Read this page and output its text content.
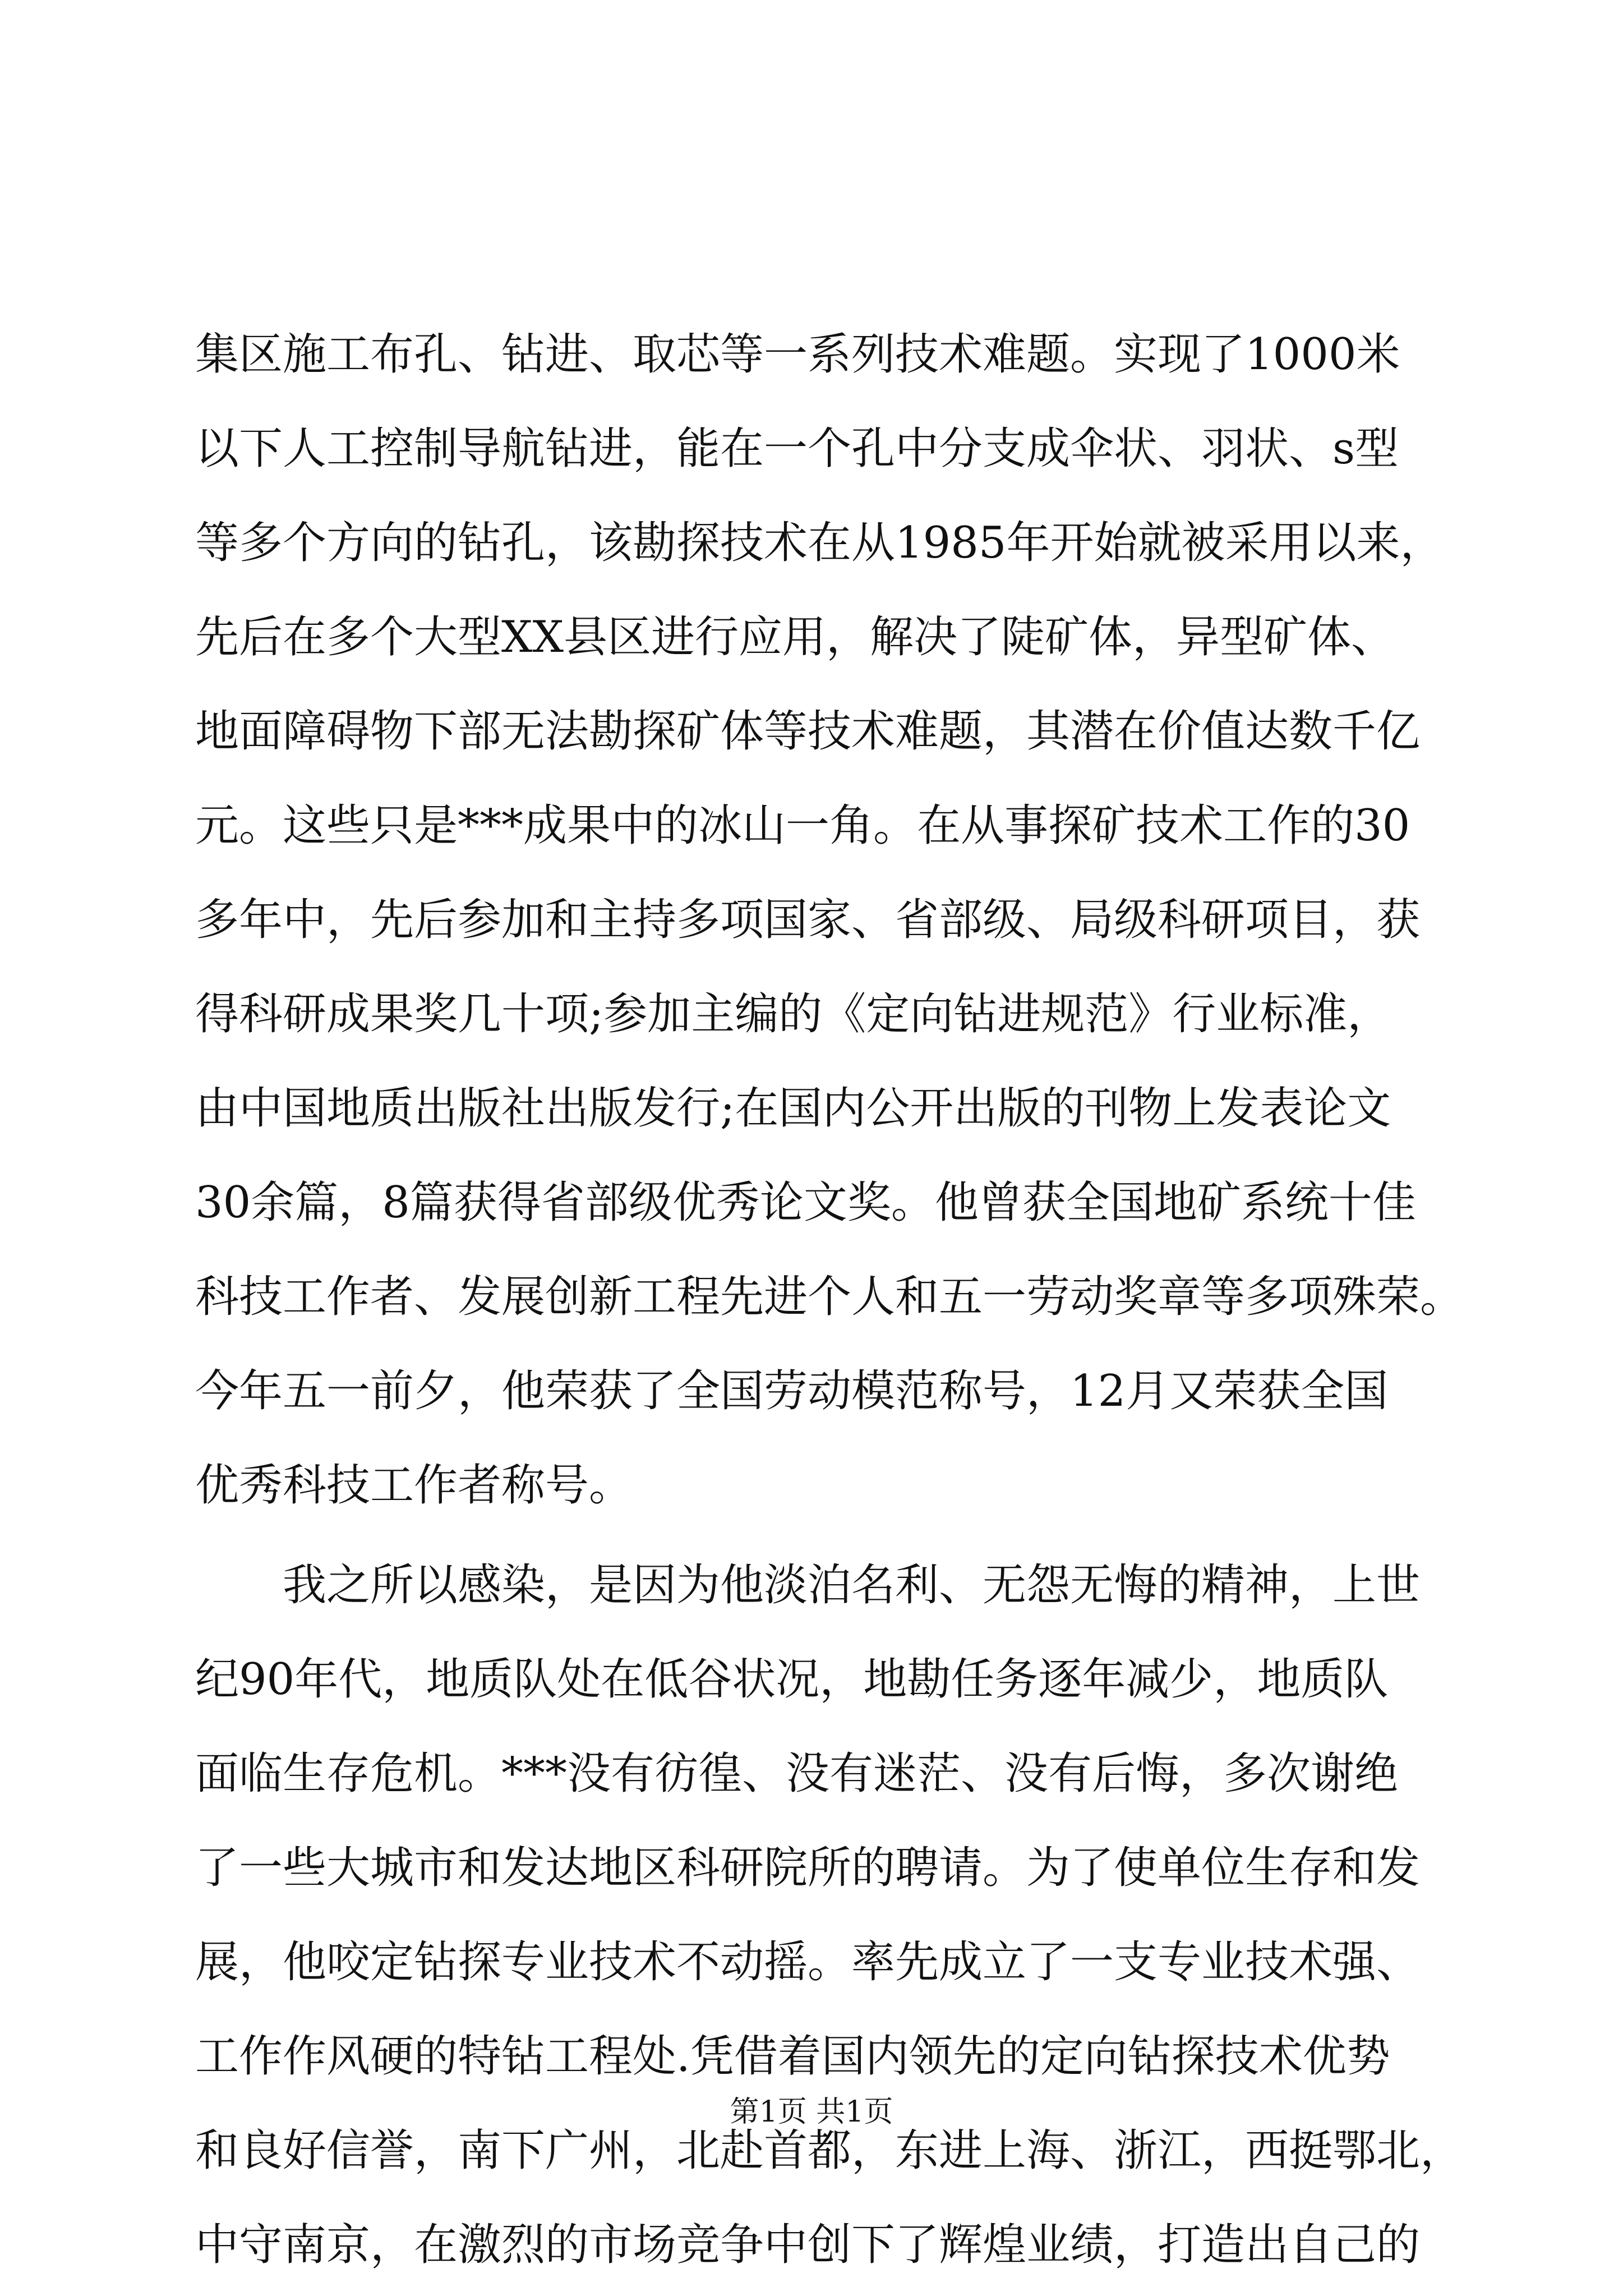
集区施工布孔、钻进、取芯等一系列技术难题。实现了1000米
以下人工控制导航钻进，能在一个孔中分支成伞状、羽状、s型
等多个方向的钻孔，该勘探技术在从1985年开始就被采用以来，
先后在多个大型XX县区进行应用，解决了陡矿体，异型矿体、
地面障碍物下部无法勘探矿体等技术难题，其潜在价值达数千亿
元。这些只是***成果中的冰山一角。在从事探矿技术工作的30
多年中，先后参加和主持多项国家、省部级、局级科研项目，获
得科研成果奖几十项;参加主编的《定向钻进规范》行业标准，
由中国地质出版社出版发行;在国内公开出版的刊物上发表论文
30余篇，8篇获得省部级优秀论文奖。他曾获全国地矿系统十佳
科技工作者、发展创新工程先进个人和五一劳动奖章等多项殊荣。
今年五一前夕，他荣获了全国劳动模范称号，12月又荣获全国
优秀科技工作者称号。
我之所以感染，是因为他淡泊名利、无怨无悔的精神，上世
纪90年代，地质队处在低谷状况，地勘任务逐年减少，地质队
面临生存危机。***没有彷徨、没有迷茫、没有后悔，多次谢绝
了一些大城市和发达地区科研院所的聘请。为了使单位生存和发
展，他咬定钻探专业技术不动摇。率先成立了一支专业技术强、
工作作风硬的特钻工程处.凭借着国内领先的定向钻探技术优势
和良好信誉，南下广州，北赴首都，东进上海、浙江，西挺鄂北，
中守南京，在激烈的市场竞争中创下了辉煌业绩，打造出自己的
第1页 共1页
